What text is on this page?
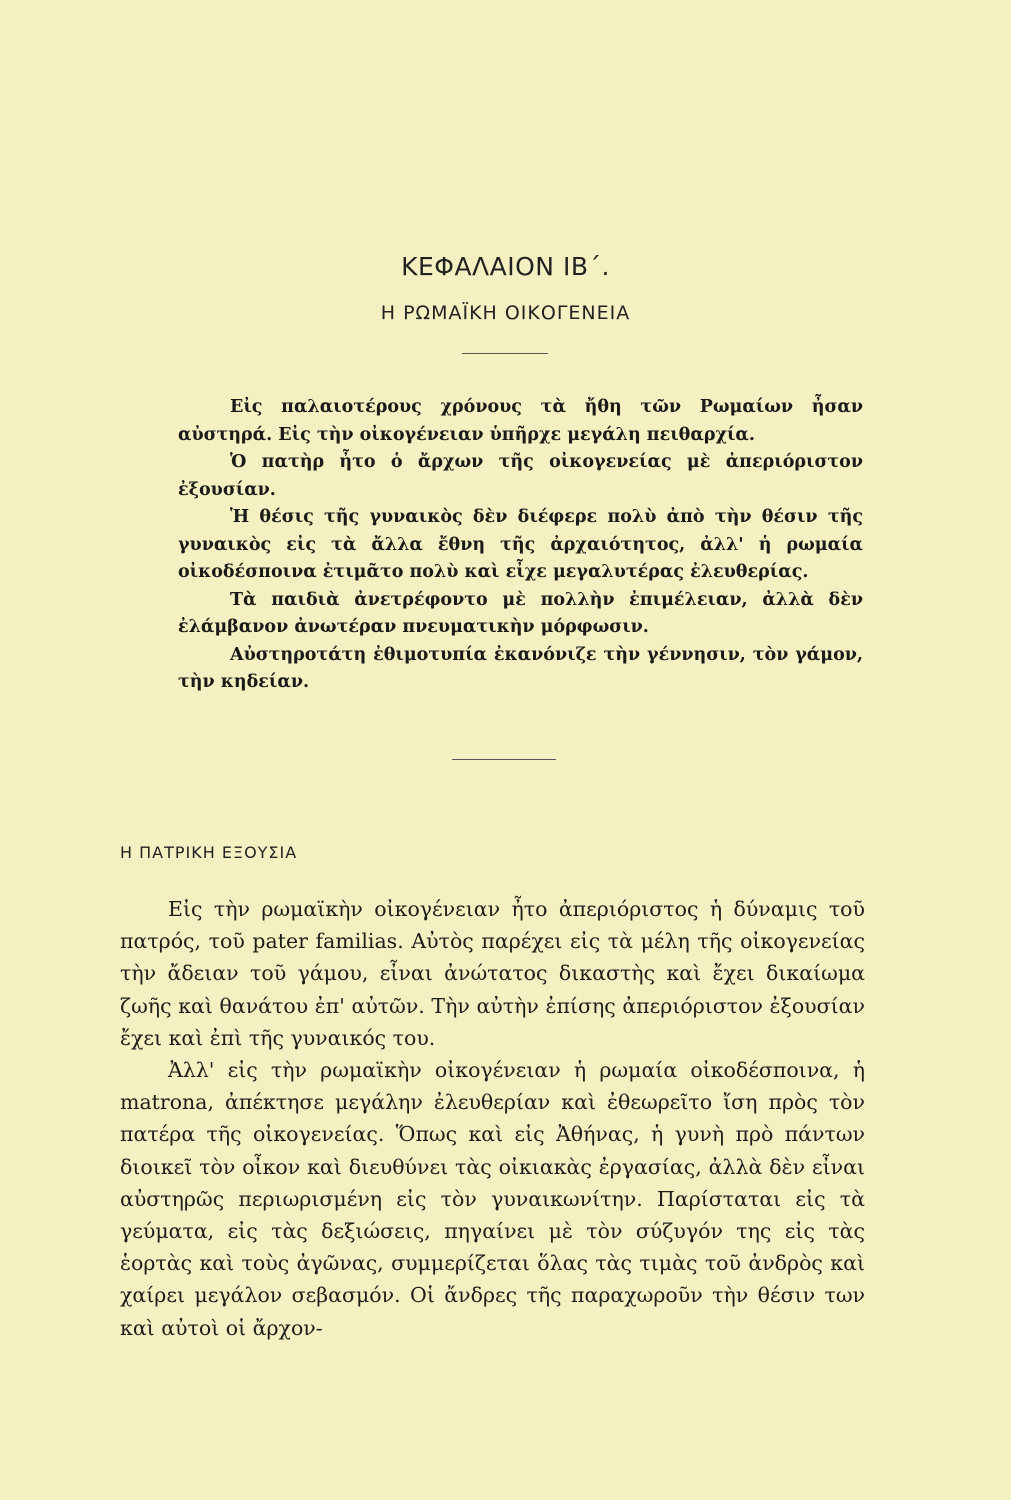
ΚΕΦΑΛΑΙΟΝ ΙΒ΄.
Η ΡΩΜΑΪΚΗ ΟΙΚΟΓΕΝΕΙΑ

Εἰς παλαιοτέρους χρόνους τὰ ἤθη τῶν Ρωμαίων ἦσαν αὐστηρά. Εἰς τὴν οἰκογένειαν ὑπῆρχε μεγάλη πειθαρχία.

Ὁ πατὴρ ἦτο ὁ ἄρχων τῆς οἰκογενείας μὲ ἀπεριόριστον ἐξουσίαν.

Ἡ θέσις τῆς γυναικὸς δὲν διέφερε πολὺ ἀπὸ τὴν θέσιν τῆς γυναικὸς εἰς τὰ ἄλλα ἔθνη τῆς ἀρχαιότητος, ἀλλ' ἡ ρωμαία οἰκοδέσποινα ἐτιμᾶτο πολὺ καὶ εἶχε μεγαλυτέρας ἐλευθερίας.

Τὰ παιδιὰ ἀνετρέφοντο μὲ πολλὴν ἐπιμέλειαν, ἀλλὰ δὲν ἐλάμβανον ἀνωτέραν πνευματικὴν μόρφωσιν.

Αὐστηροτάτη ἐθιμοτυπία ἐκανόνιζε τὴν γέννησιν, τὸν γάμον, τὴν κηδείαν.

Η ΠΑΤΡΙΚΗ ΕΞΟΥΣΙΑ

Εἰς τὴν ρωμαϊκὴν οἰκογένειαν ἦτο ἀπεριόριστος ἡ δύναμις τοῦ πατρός, τοῦ pater familias. Αὐτὸς παρέχει εἰς τὰ μέλη τῆς οἰκογενείας τὴν ἄδειαν τοῦ γάμου, εἶναι ἀνώτατος δικαστὴς καὶ ἔχει δικαίωμα ζωῆς καὶ θανάτου ἐπ' αὐτῶν. Τὴν αὐτὴν ἐπίσης ἀπεριόριστον ἐξουσίαν ἔχει καὶ ἐπὶ τῆς γυναικός του.

Ἀλλ' εἰς τὴν ρωμαϊκὴν οἰκογένειαν ἡ ρωμαία οἰκοδέσποινα, ἡ matrona, ἀπέκτησε μεγάλην ἐλευθερίαν καὶ ἐθεωρεῖτο ἴση πρὸς τὸν πατέρα τῆς οἰκογενείας. Ὅπως καὶ εἰς Ἀθήνας, ἡ γυνὴ πρὸ πάντων διοικεῖ τὸν οἶκον καὶ διευθύνει τὰς οἰκιακὰς ἐργασίας, ἀλλὰ δὲν εἶναι αὐστηρῶς περιωρισμένη εἰς τὸν γυναικωνίτην. Παρίσταται εἰς τὰ γεύματα, εἰς τὰς δεξιώσεις, πηγαίνει μὲ τὸν σύζυγόν της εἰς τὰς ἑορτὰς καὶ τοὺς ἀγῶνας, συμμερίζεται ὅλας τὰς τιμὰς τοῦ ἀνδρὸς καὶ χαίρει μεγάλον σεβασμόν. Οἱ ἄνδρες τῆς παραχωροῦν τὴν θέσιν των καὶ αὐτοὶ οἱ ἄρχον-
